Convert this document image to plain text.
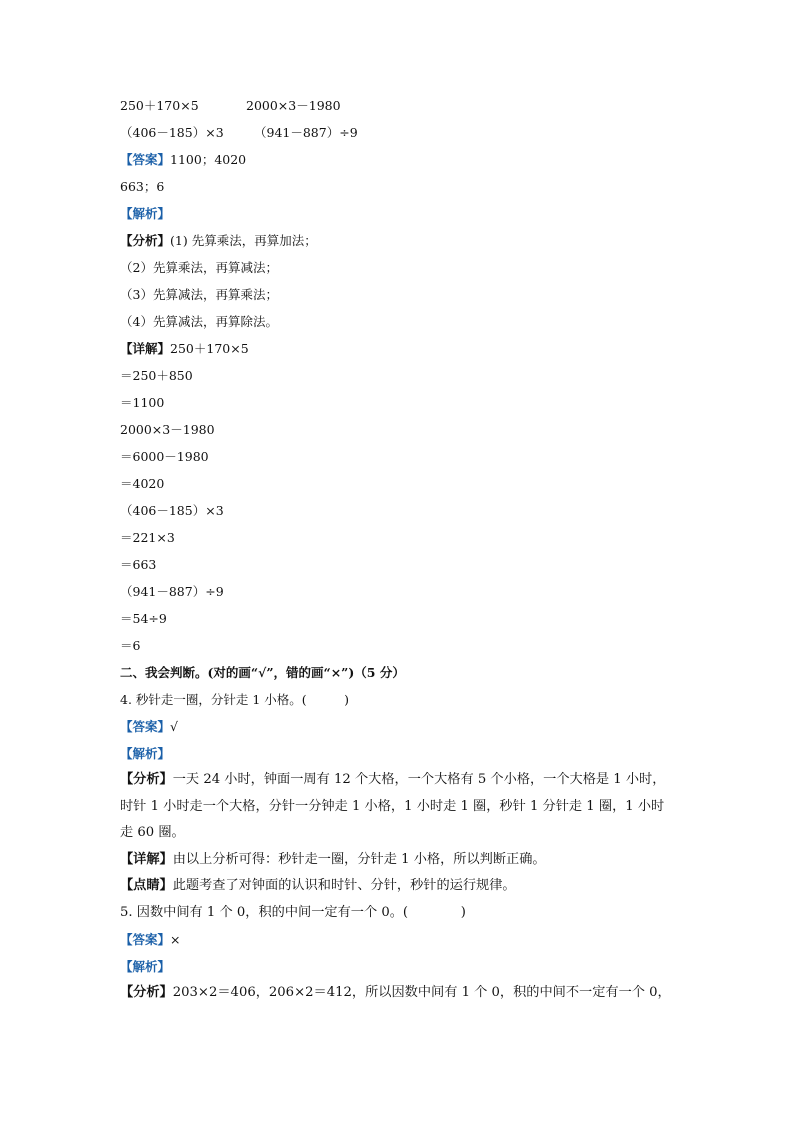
250＋170×5	2000×3－1980
（406－185）×3 （941－887）÷9
【答案】1100；4020
663；6
【解析】
【分析】(1) 先算乘法，再算加法；
（2）先算乘法，再算减法；
（3）先算减法，再算乘法；
（4）先算减法，再算除法。
【详解】250＋170×5
＝250＋850
＝1100
2000×3－1980
＝6000－1980
＝4020
（406－185）×3
＝221×3
＝663
（941－887）÷9
＝54÷9
＝6
二、我会判断。(对的画“√”，错的画“×”)（5 分）
4. 秒针走一圈，分针走 1 小格。(　　　)
【答案】√
【解析】
【分析】一天 24 小时，钟面一周有 12 个大格，一个大格有 5 个小格，一个大格是 1 小时，
时针 1 小时走一个大格，分针一分钟走 1 小格，1 小时走 1 圈，秒针 1 分针走 1 圈，1 小时
走 60 圈。
【详解】由以上分析可得：秒针走一圈，分针走 1 小格，所以判断正确。
【点睛】此题考查了对钟面的认识和时针、分针，秒针的运行规律。
5. 因数中间有 1 个 0，积的中间一定有一个 0。(　　　　)
【答案】×
【解析】
【分析】203×2＝406，206×2＝412，所以因数中间有 1 个 0，积的中间不一定有一个 0，
